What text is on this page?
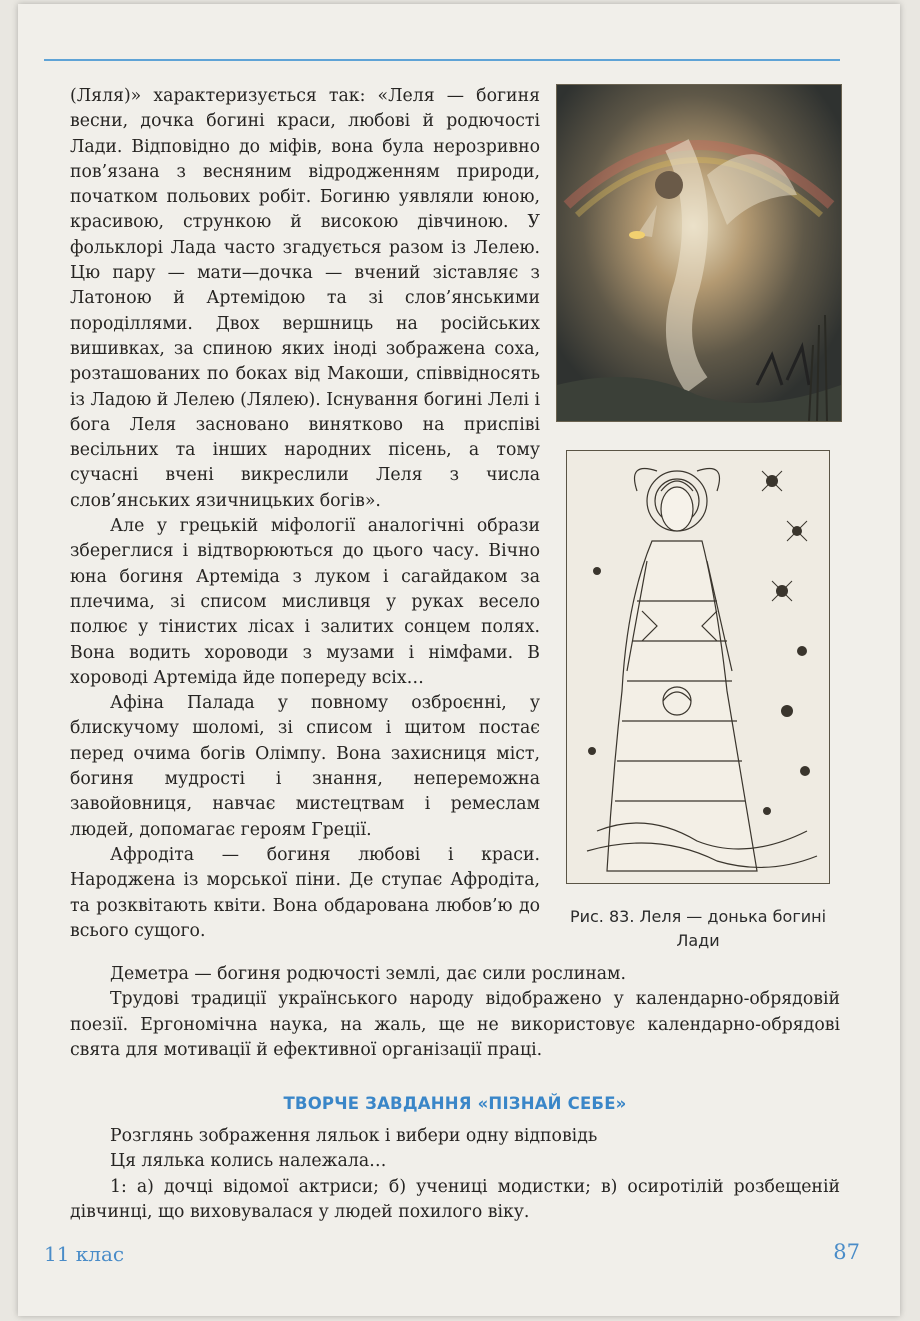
(Ляля)» характеризується так: «Леля — богиня весни, дочка богині краси, любові й родючості Лади. Відповідно до міфів, вона була нерозривно пов’язана з весняним відродженням природи, початком польових робіт. Богиню уявляли юною, красивою, стрункою й високою дівчиною. У фольклорі Лада часто згадується разом із Лелею. Цю пару — мати—дочка — вчений зіставляє з Латоною й Артемідою та зі слов’янськими породіллями. Двох вершниць на російських вишивках, за спиною яких іноді зображена соха, розташованих по боках від Макоши, співвідносять із Ладою й Лелею (Лялею). Існування богині Лелі і бога Леля засновано винятково на приспіві весільних та інших народних пісень, а тому сучасні вчені викреслили Леля з числа слов’янських язичницьких богів».

Але у грецькій міфології аналогічні образи збереглися і відтворюються до цього часу. Вічно юна богиня Артеміда з луком і сагайдаком за плечима, зі списом мисливця у руках весело полює у тінистих лісах і залитих сонцем полях. Вона водить хороводи з музами і німфами. В хороводі Артеміда йде попереду всіх…

Афіна Палада у повному озброєнні, у блискучому шоломі, зі списом і щитом постає перед очима богів Олімпу. Вона захисниця міст, богиня мудрості і знання, непереможна завойовниця, навчає мистецтвам і ремеслам людей, допомагає героям Греції.

Афродіта — богиня любові і краси. Народжена із морської піни. Де ступає Афродіта, та розквітають квіти. Вона обдарована любов’ю до всього сущого.

Рис. 83. Леля — донька богині Лади

Деметра — богиня родючості землі, дає сили рослинам.

Трудові традиції українського народу відображено у календарно-обрядовій поезії. Ергономічна наука, на жаль, ще не використовує календарно-обрядові свята для мотивації й ефективної організації праці.

ТВОРЧЕ ЗАВДАННЯ «ПІЗНАЙ СЕБЕ»

Розглянь зображення ляльок і вибери одну відповідь

Ця лялька колись належала…

1: а) дочці відомої актриси; б) учениці модистки; в) осиротілій розбещеній дівчинці, що виховувалася у людей похилого віку.

11 клас	87
